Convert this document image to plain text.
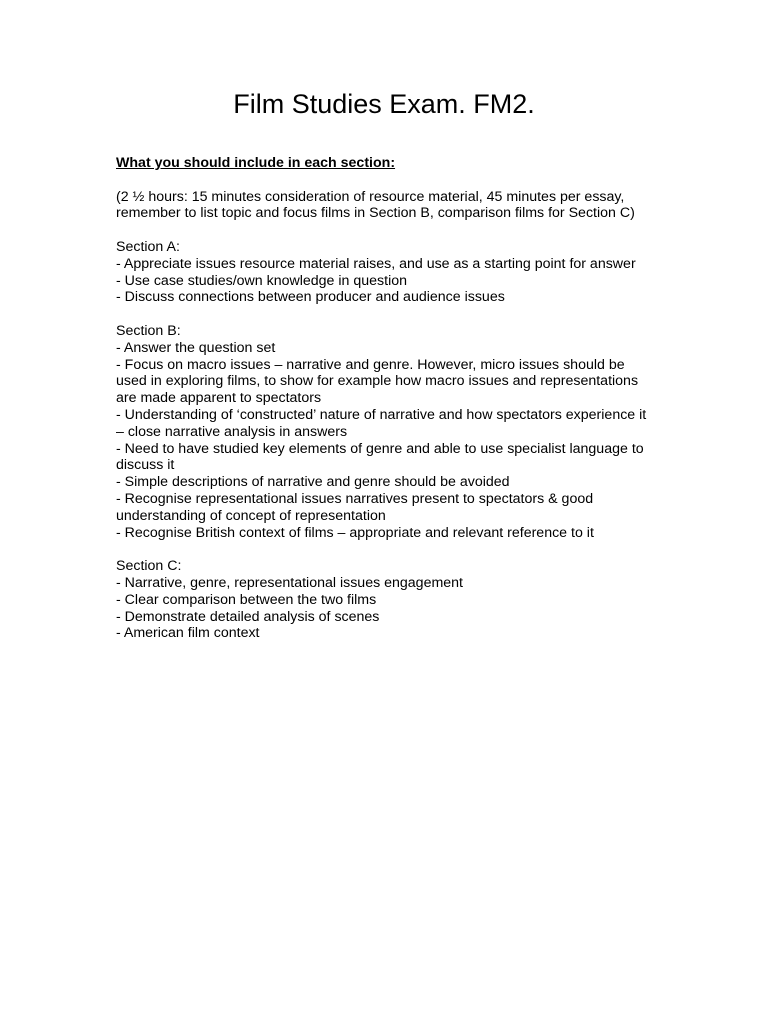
Film Studies Exam. FM2.

What you should include in each section:

(2 ½ hours: 15 minutes consideration of resource material, 45 minutes per essay, remember to list topic and focus films in Section B, comparison films for Section C)

Section A:

- Appreciate issues resource material raises, and use as a starting point for answer
- Use case studies/own knowledge in question
- Discuss connections between producer and audience issues

Section B:

- Answer the question set
- Focus on macro issues – narrative and genre. However, micro issues should be used in exploring films, to show for example how macro issues and representations are made apparent to spectators
- Understanding of ‘constructed’ nature of narrative and how spectators experience it – close narrative analysis in answers
- Need to have studied key elements of genre and able to use specialist language to discuss it
- Simple descriptions of narrative and genre should be avoided
- Recognise representational issues narratives present to spectators & good understanding of concept of representation
- Recognise British context of films – appropriate and relevant reference to it

Section C:

- Narrative, genre, representational issues engagement
- Clear comparison between the two films
- Demonstrate detailed analysis of scenes
- American film context
